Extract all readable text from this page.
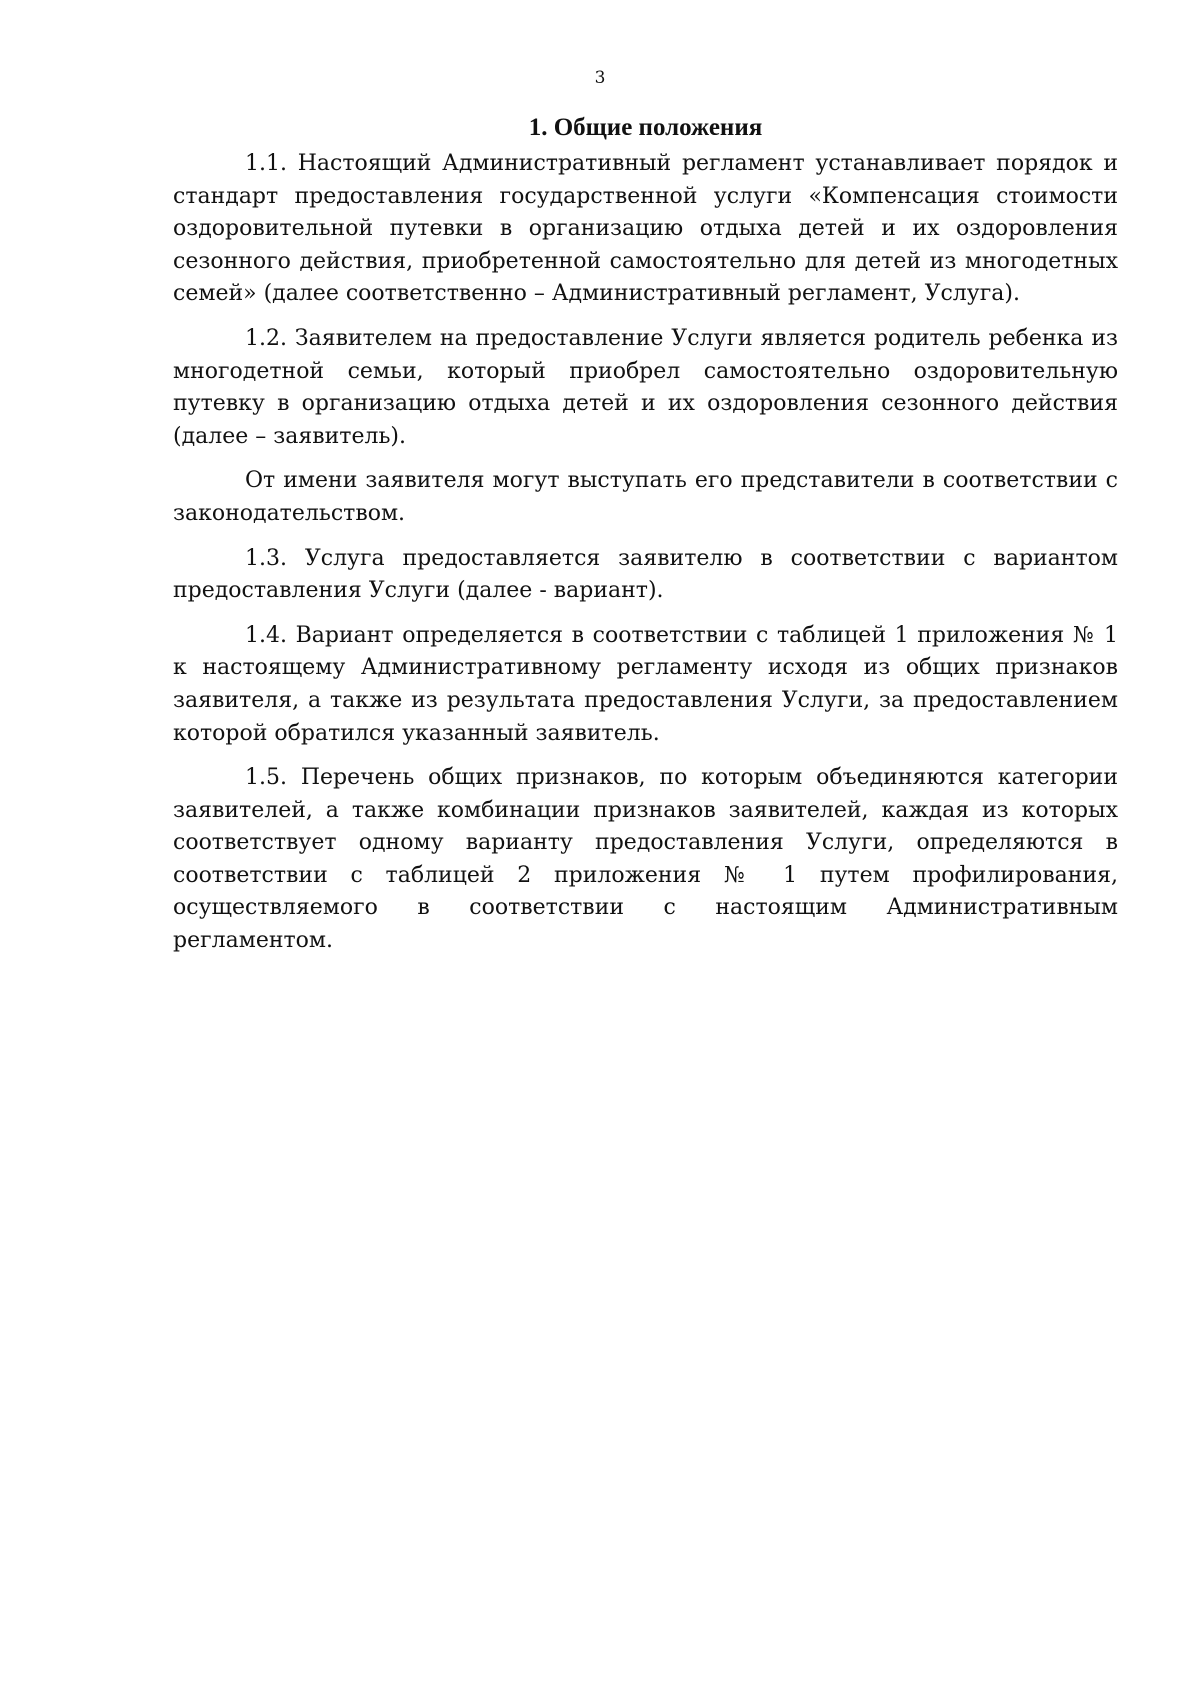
3
1. Общие положения

1.1. Настоящий Административный регламент устанавливает порядок и стандарт предоставления государственной услуги «Компенсация стоимости оздоровительной путевки в организацию отдыха детей и их оздоровления сезонного действия, приобретенной самостоятельно для детей из многодетных семей» (далее соответственно – Административный регламент, Услуга).

1.2. Заявителем на предоставление Услуги является родитель ребенка из многодетной семьи, который приобрел самостоятельно оздоровительную путевку в организацию отдыха детей и их оздоровления сезонного действия (далее – заявитель).

От имени заявителя могут выступать его представители в соответствии с законодательством.

1.3. Услуга предоставляется заявителю в соответствии с вариантом предоставления Услуги (далее - вариант).

1.4. Вариант определяется в соответствии с таблицей 1 приложения № 1 к настоящему Административному регламенту исходя из общих признаков заявителя, а также из результата предоставления Услуги, за предоставлением которой обратился указанный заявитель.

1.5. Перечень общих признаков, по которым объединяются категории заявителей, а также комбинации признаков заявителей, каждая из которых соответствует одному варианту предоставления Услуги, определяются в соответствии с таблицей 2 приложения № 1 путем профилирования, осуществляемого в соответствии с настоящим Административным регламентом.
